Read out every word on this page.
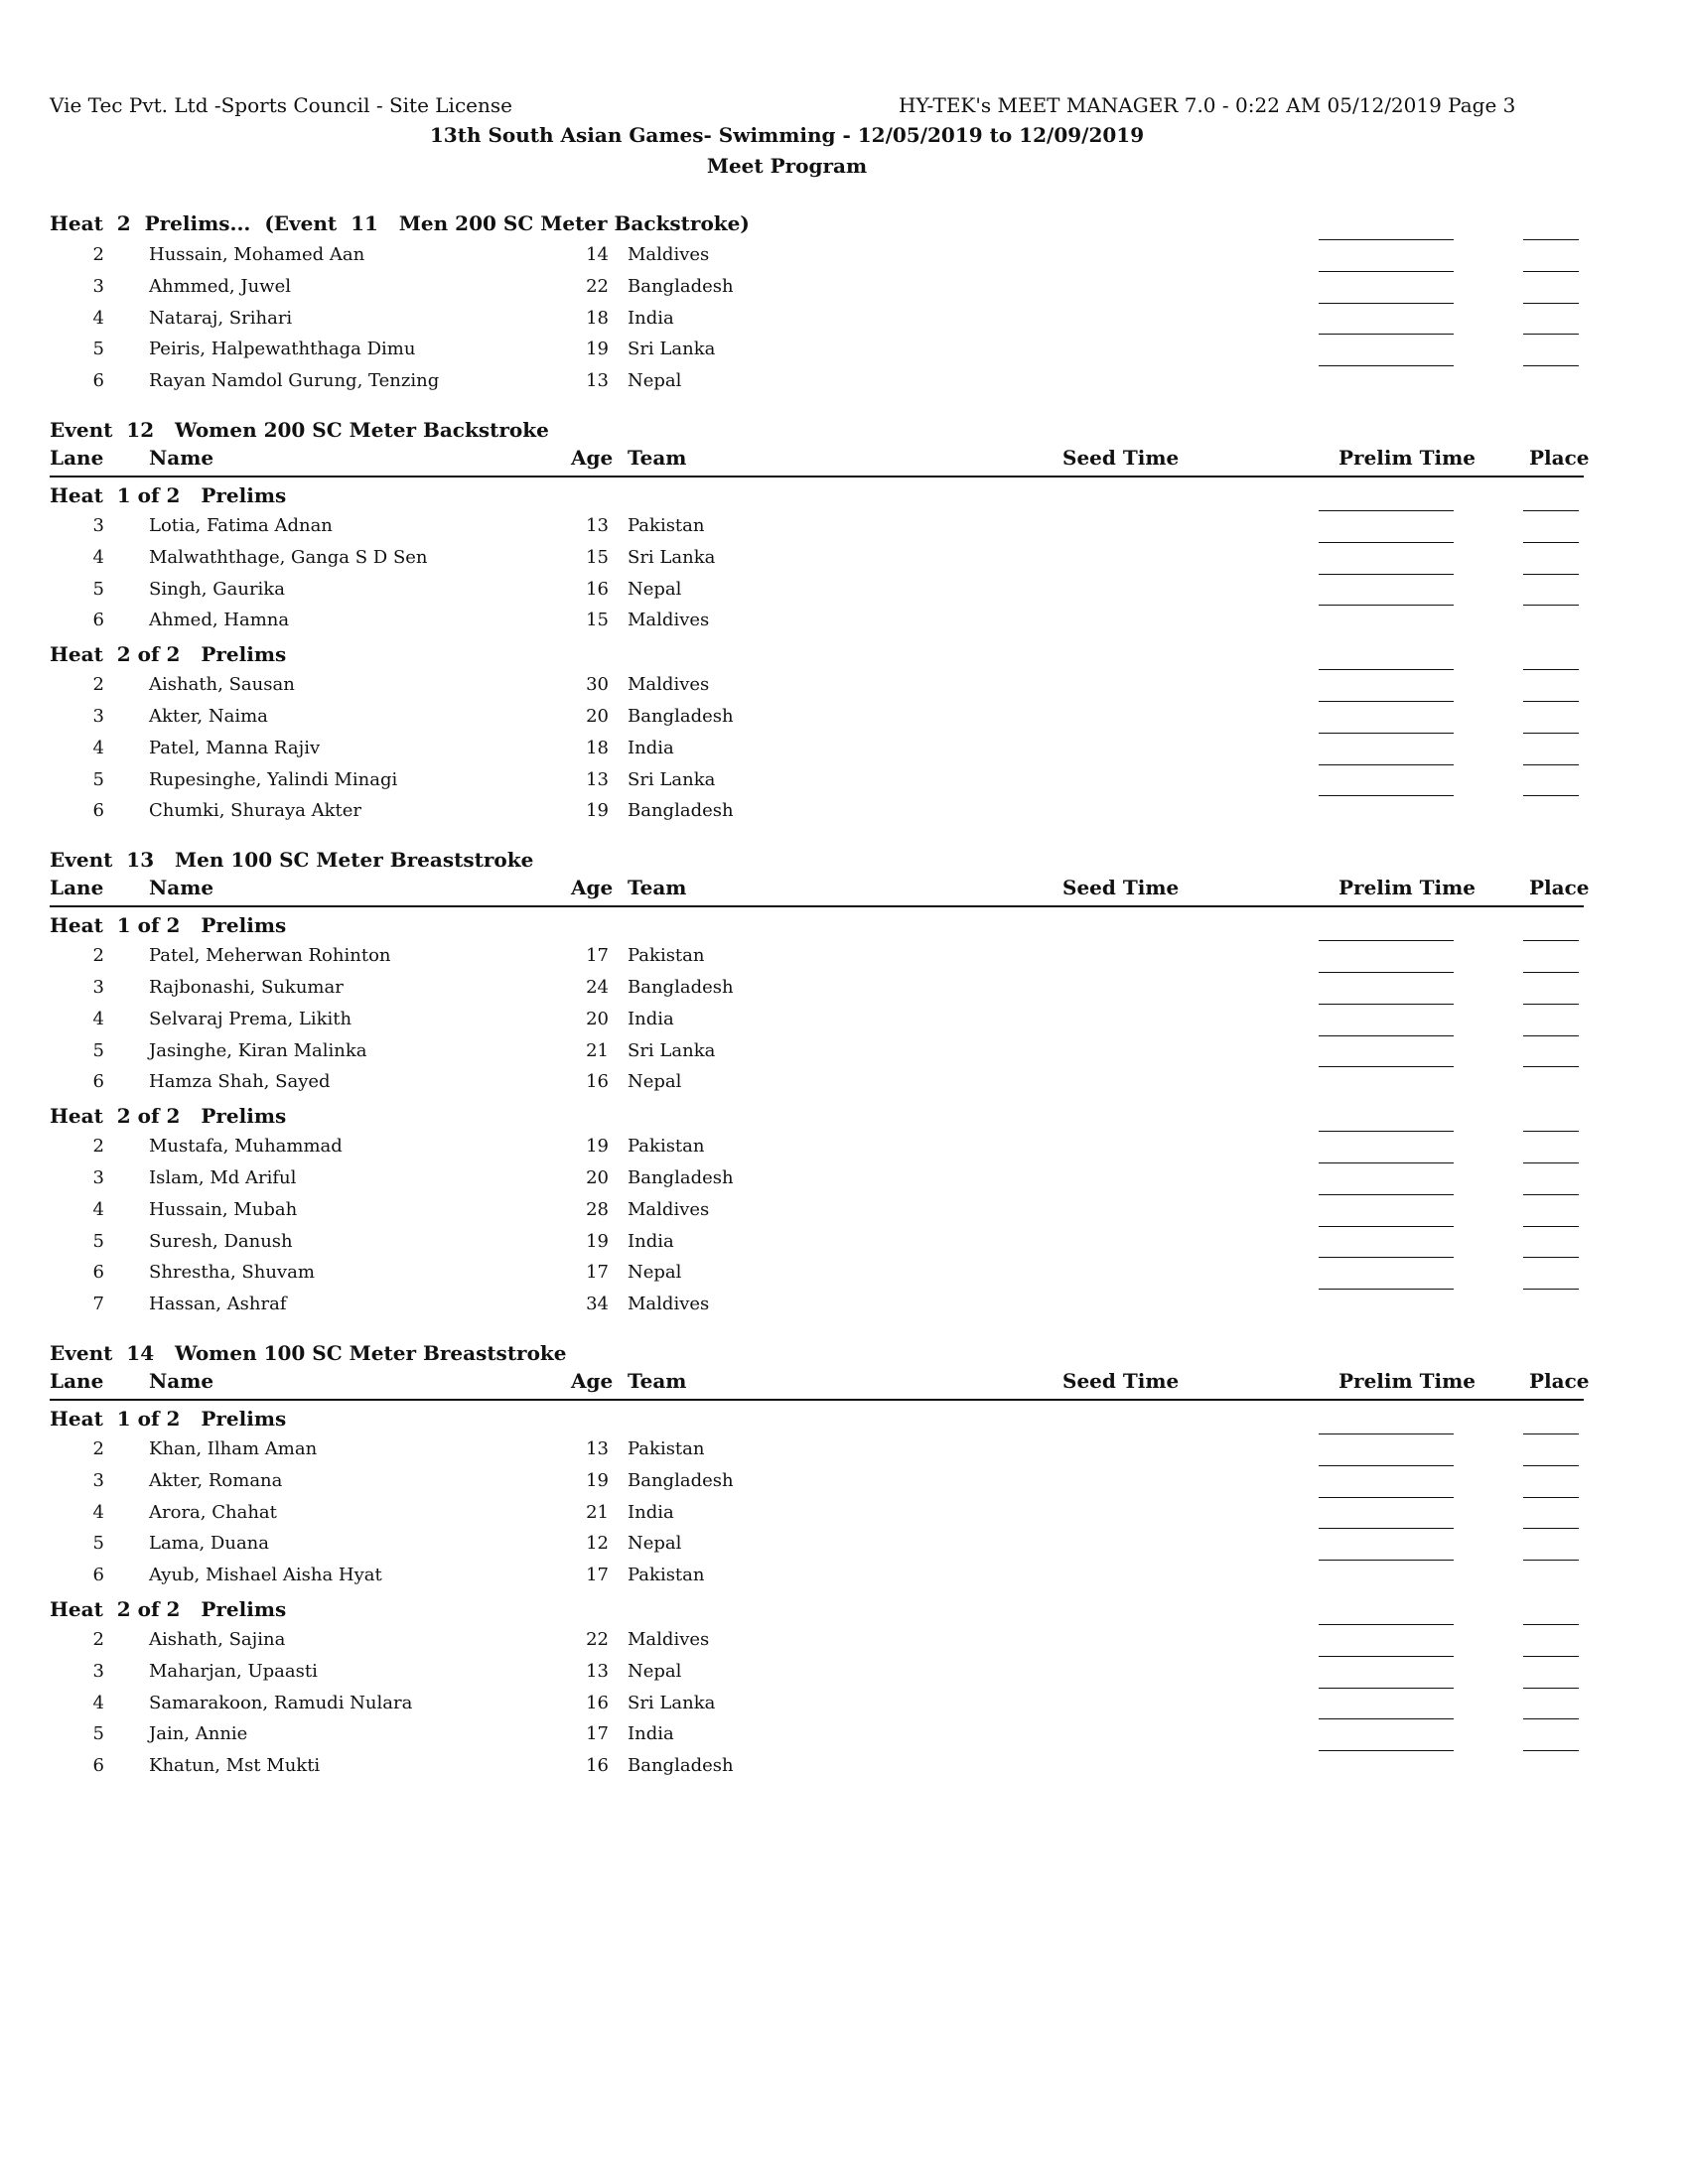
Vie Tec Pvt. Ltd -Sports Council - Site License	HY-TEK's MEET MANAGER 7.0 - 0:22 AM 05/12/2019 Page 3
13th South Asian Games- Swimming - 12/05/2019 to 12/09/2019
Meet Program
Heat  2  Prelims...  (Event  11   Men 200 SC Meter Backstroke)
2	Hussain, Mohamed Aan	14 Maldives
3	Ahmmed, Juwel	22 Bangladesh
4	Nataraj, Srihari	18 India
5	Peiris, Halpewaththaga Dimu	19 Sri Lanka
6	Rayan Namdol Gurung, Tenzing	13 Nepal
Event  12   Women 200 SC Meter Backstroke
Lane Name	Age Team	Seed Time	Prelim Time	Place
Heat  1 of 2   Prelims
3	Lotia, Fatima Adnan	13 Pakistan
4	Malwaththage, Ganga S D Sen	15 Sri Lanka
5	Singh, Gaurika	16 Nepal
6	Ahmed, Hamna	15 Maldives
Heat  2 of 2   Prelims
2	Aishath, Sausan	30 Maldives
3	Akter, Naima	20 Bangladesh
4	Patel, Manna Rajiv	18 India
5	Rupesinghe, Yalindi Minagi	13 Sri Lanka
6	Chumki, Shuraya Akter	19 Bangladesh
Event  13   Men 100 SC Meter Breaststroke
Lane Name	Age Team	Seed Time	Prelim Time	Place
Heat  1 of 2   Prelims
2	Patel, Meherwan Rohinton	17 Pakistan
3	Rajbonashi, Sukumar	24 Bangladesh
4	Selvaraj Prema, Likith	20 India
5	Jasinghe, Kiran Malinka	21 Sri Lanka
6	Hamza Shah, Sayed	16 Nepal
Heat  2 of 2   Prelims
2	Mustafa, Muhammad	19 Pakistan
3	Islam, Md Ariful	20 Bangladesh
4	Hussain, Mubah	28 Maldives
5	Suresh, Danush	19 India
6	Shrestha, Shuvam	17 Nepal
7	Hassan, Ashraf	34 Maldives
Event  14   Women 100 SC Meter Breaststroke
Lane Name	Age Team	Seed Time	Prelim Time	Place
Heat  1 of 2   Prelims
2	Khan, Ilham Aman	13 Pakistan
3	Akter, Romana	19 Bangladesh
4	Arora, Chahat	21 India
5	Lama, Duana	12 Nepal
6	Ayub, Mishael Aisha Hyat	17 Pakistan
Heat  2 of 2   Prelims
2	Aishath, Sajina	22 Maldives
3	Maharjan, Upaasti	13 Nepal
4	Samarakoon, Ramudi Nulara	16 Sri Lanka
5	Jain, Annie	17 India
6	Khatun, Mst Mukti	16 Bangladesh
